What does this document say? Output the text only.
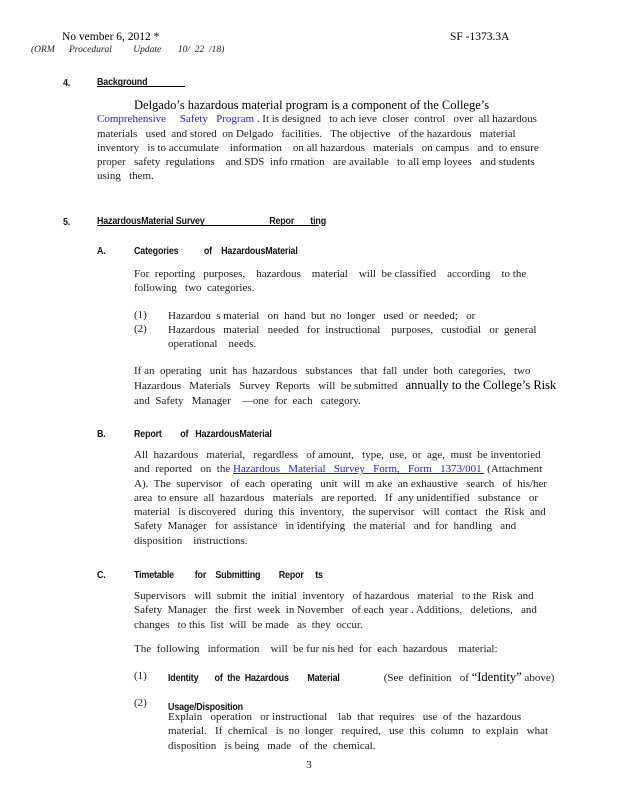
No vember 6, 2012 *	SF -1373.3A
(ORM      Procedural         Update       10/  22  /18)
4.	Background
Delgado’s hazardous material program is a component of the College’s
Comprehensive     Safety   Program . It is designed   to ach ieve  closer  control   over  all hazardous
materials   used  and stored  on Delgado   facilities.   The objective   of the hazardous   material
inventory   is to accumulate    information    on all hazardous   materials   on campus   and  to ensure
proper   safety  regulations    and SDS  info rmation   are available   to all emp loyees   and students
using   them.
5.	HazardousMaterial Survey                            Repor       ting
A.	Categories           of    HazardousMaterial
For  reporting   purposes,    hazardous    material    will  be classified    according    to the
following   two  categories.
(1) Hazardou  s material   on  hand  but  no  longer   used  or  needed;   or
(2) Hazardous   material   needed   for  instructional    purposes,   custodial   or  general
operational    needs.
If an  operating   unit  has  hazardous   substances   that  fall  under  both  categories,   two
Hazardous   Materials   Survey  Reports   will  be submitted   annually to the College’s Risk
and  Safety   Manager    —one  for  each   category.
B.	Report        of   HazardousMaterial
All  hazardous   material,   regardless   of amount,   type,  use,  or  age,  must  be inventoried
and  reported   on  the Hazardous   Material   Survey   Form,   Form   1373/001  (Attachment
A).  The  supervisor   of  each  operating   unit  will  m ake  an exhaustive   search   of  his/her
area  to ensure  all  hazardous   materials   are reported.   If  any unidentified   substance   or
material   is discovered   during  this  inventory,   the supervisor   will  contact   the  Risk  and
Safety  Manager   for  assistance   in identifying   the material   and  for  handling   and
disposition    instructions.
C.	Timetable         for    Submitting        Repor     ts
Supervisors   will  submit  the  initial  inventory   of hazardous   material   to the  Risk  and
Safety  Manager   the  first  week  in November   of each  year . Additions,   deletions,   and
changes   to this  list  will  be made   as  they  occur.
The  following   information    will  be fur nis hed  for  each  hazardous    material:
(1) Identity       of  the  Hazardous        Material	(See  definition   of “Identity” above)
(2) Usage/Disposition
Explain   operation   or instructional    lab  that  requires   use  of  the  hazardous
material.   If  chemical   is  no  longer   required,   use  this  column   to  explain   what
disposition   is being   made   of  the  chemical.
3
